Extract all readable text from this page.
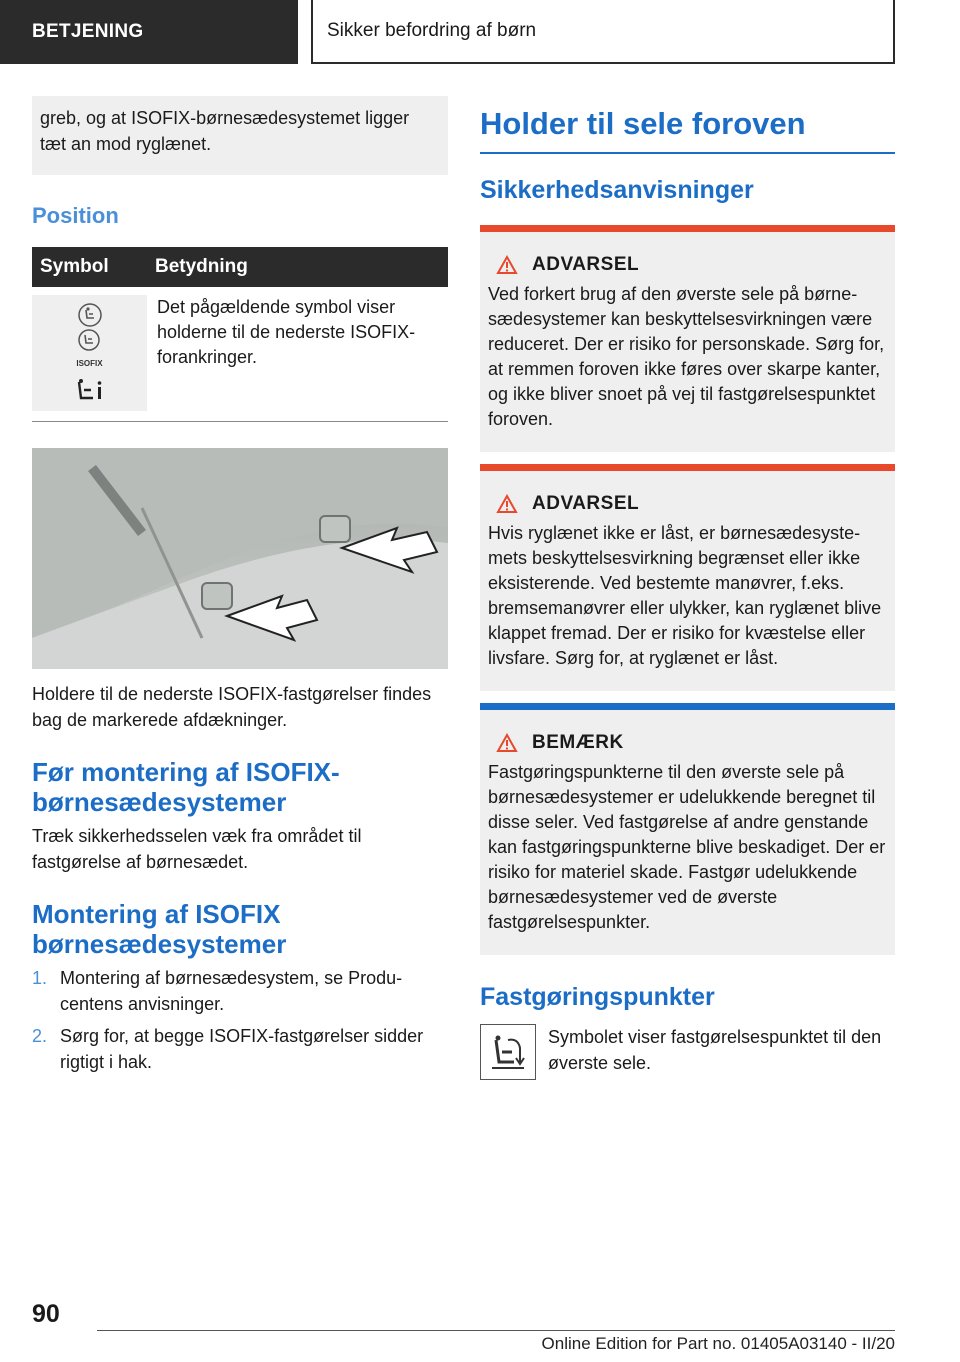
BETJENING	Sikker befordring af børn
greb, og at ISOFIX-børnesædesystemet ligger tæt an mod ryglænet.
Position
Symbol	Betydning

ISOFIX	Det pågældende symbol viser holderne til de nederste ISOFIX-forankringer.
Holdere til de nederste ISOFIX-fastgørelser findes bag de markerede afdækninger.
Før montering af ISOFIX-børnesædesystemer

Træk sikkerhedsselen væk fra området til fastgørelse af børnesædet.

Montering af ISOFIX børnesædesystemer
1. Montering af børnesædesystem, se Producentens anvisninger.
2. Sørg for, at begge ISOFIX-fastgørelser sidder rigtigt i hak.
Holder til sele foroven
Sikkerhedsanvisninger
ADVARSEL
Ved forkert brug af den øverste sele på børnesædesystemer kan beskyttelsesvirkningen være reduceret. Der er risiko for personskade. Sørg for, at remmen foroven ikke føres over skarpe kanter, og ikke bliver snoet på vej til fastgørelsespunktet foroven.
ADVARSEL
Hvis ryglænet ikke er låst, er børnesædesystemets beskyttelsesvirkning begrænset eller ikke eksisterende. Ved bestemte manøvrer, f.eks. bremsemanøvrer eller ulykker, kan ryglænet blive klappet fremad. Der er risiko for kvæstelse eller livsfare. Sørg for, at ryglænet er låst.
BEMÆRK
Fastgøringspunkterne til den øverste sele på børnesædesystemer er udelukkende beregnet til disse seler. Ved fastgørelse af andre genstande kan fastgøringspunkterne blive beskadiget. Der er risiko for materiel skade. Fastgør udelukkende børnesædesystemer ved de øverste fastgørelsespunkter.
Fastgøringspunkter
Symbolet viser fastgørelsespunktet til den øverste sele.
90
Online Edition for Part no. 01405A03140 - II/20
